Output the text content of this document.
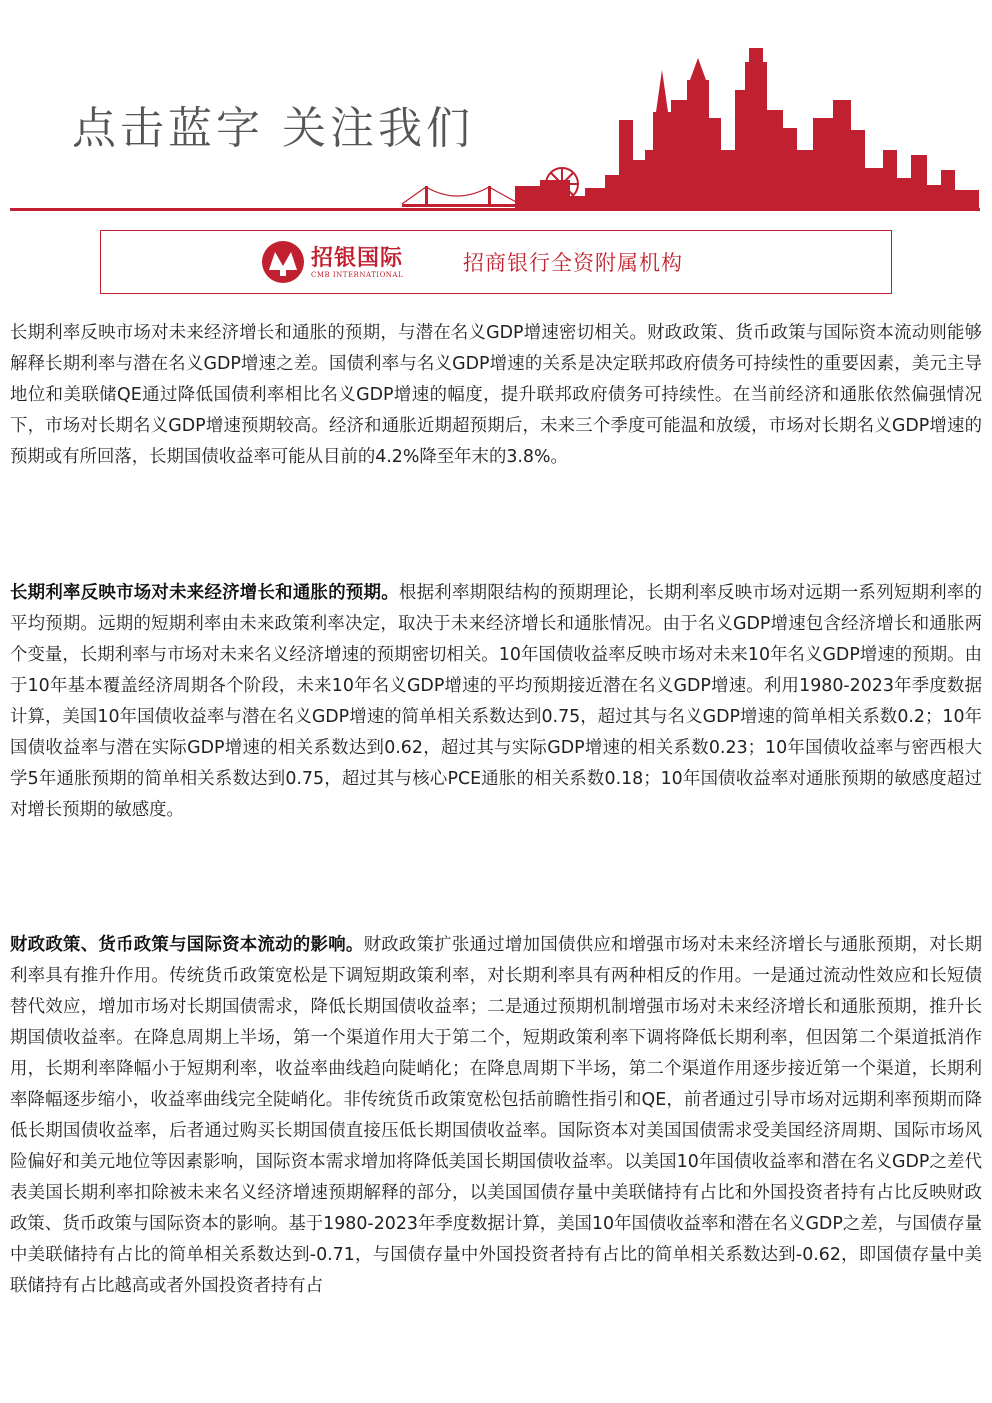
点击蓝字 关注我们
招银国际
CMB INTERNATIONAL	招商银行全资附属机构

长期利率反映市场对未来经济增长和通胀的预期，与潜在名义GDP增速密切相关。财政政策、货币政策与国际资本流动则能够解释长期利率与潜在名义GDP增速之差。国债利率与名义GDP增速的关系是决定联邦政府债务可持续性的重要因素，美元主导地位和美联储QE通过降低国债利率相比名义GDP增速的幅度，提升联邦政府债务可持续性。在当前经济和通胀依然偏强情况下，市场对长期名义GDP增速预期较高。经济和通胀近期超预期后，未来三个季度可能温和放缓，市场对长期名义GDP增速的预期或有所回落，长期国债收益率可能从目前的4.2%降至年末的3.8%。

长期利率反映市场对未来经济增长和通胀的预期。根据利率期限结构的预期理论，长期利率反映市场对远期一系列短期利率的平均预期。远期的短期利率由未来政策利率决定，取决于未来经济增长和通胀情况。由于名义GDP增速包含经济增长和通胀两个变量，长期利率与市场对未来名义经济增速的预期密切相关。10年国债收益率反映市场对未来10年名义GDP增速的预期。由于10年基本覆盖经济周期各个阶段，未来10年名义GDP增速的平均预期接近潜在名义GDP增速。利用1980-2023年季度数据计算，美国10年国债收益率与潜在名义GDP增速的简单相关系数达到0.75，超过其与名义GDP增速的简单相关系数0.2；10年国债收益率与潜在实际GDP增速的相关系数达到0.62，超过其与实际GDP增速的相关系数0.23；10年国债收益率与密西根大学5年通胀预期的简单相关系数达到0.75，超过其与核心PCE通胀的相关系数0.18；10年国债收益率对通胀预期的敏感度超过对增长预期的敏感度。

财政政策、货币政策与国际资本流动的影响。财政政策扩张通过增加国债供应和增强市场对未来经济增长与通胀预期，对长期利率具有推升作用。传统货币政策宽松是下调短期政策利率，对长期利率具有两种相反的作用。一是通过流动性效应和长短债替代效应，增加市场对长期国债需求，降低长期国债收益率；二是通过预期机制增强市场对未来经济增长和通胀预期，推升长期国债收益率。在降息周期上半场，第一个渠道作用大于第二个，短期政策利率下调将降低长期利率，但因第二个渠道抵消作用，长期利率降幅小于短期利率，收益率曲线趋向陡峭化；在降息周期下半场，第二个渠道作用逐步接近第一个渠道，长期利率降幅逐步缩小，收益率曲线完全陡峭化。非传统货币政策宽松包括前瞻性指引和QE，前者通过引导市场对远期利率预期而降低长期国债收益率，后者通过购买长期国债直接压低长期国债收益率。国际资本对美国国债需求受美国经济周期、国际市场风险偏好和美元地位等因素影响，国际资本需求增加将降低美国长期国债收益率。以美国10年国债收益率和潜在名义GDP之差代表美国长期利率扣除被未来名义经济增速预期解释的部分，以美国国债存量中美联储持有占比和外国投资者持有占比反映财政政策、货币政策与国际资本的影响。基于1980-2023年季度数据计算，美国10年国债收益率和潜在名义GDP之差，与国债存量中美联储持有占比的简单相关系数达到-0.71，与国债存量中外国投资者持有占比的简单相关系数达到-0.62，即国债存量中美联储持有占比越高或者外国投资者持有占
